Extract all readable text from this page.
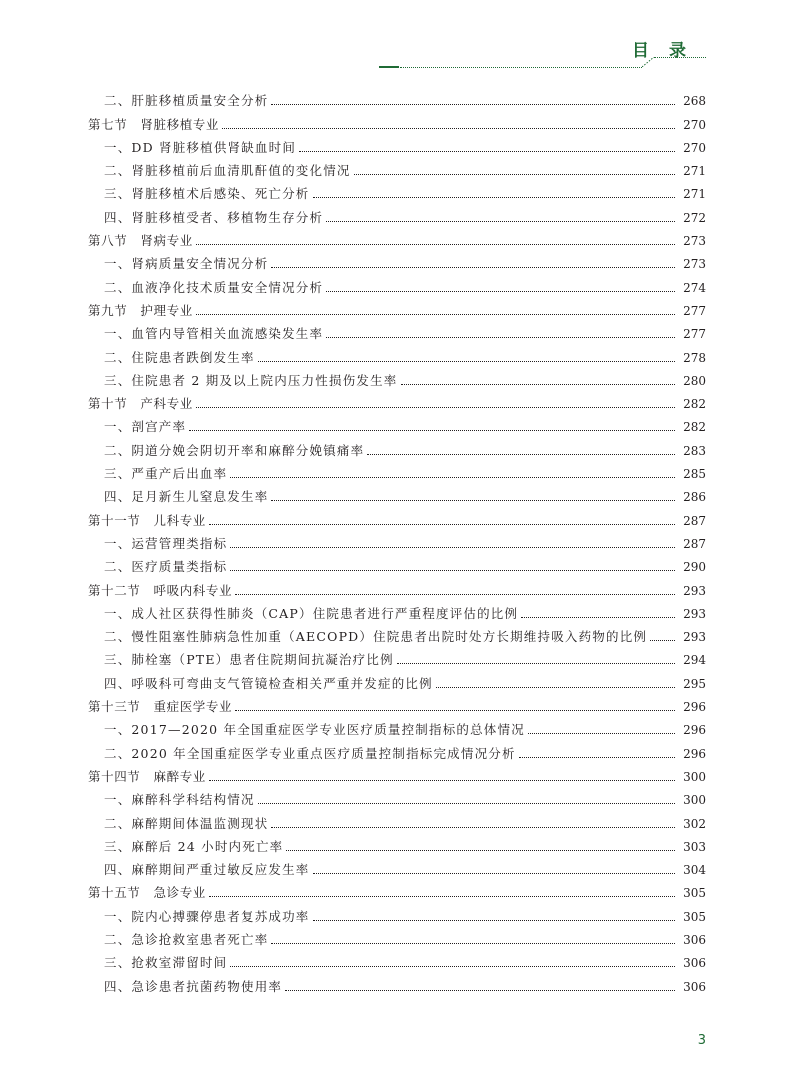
目录
二、肝脏移植质量安全分析	268
第七节　肾脏移植专业	270
一、DD 肾脏移植供肾缺血时间	270
二、肾脏移植前后血清肌酐值的变化情况	271
三、肾脏移植术后感染、死亡分析	271
四、肾脏移植受者、移植物生存分析	272
第八节　肾病专业	273
一、肾病质量安全情况分析	273
二、血液净化技术质量安全情况分析	274
第九节　护理专业	277
一、血管内导管相关血流感染发生率	277
二、住院患者跌倒发生率	278
三、住院患者 2 期及以上院内压力性损伤发生率	280
第十节　产科专业	282
一、剖宫产率	282
二、阴道分娩会阴切开率和麻醉分娩镇痛率	283
三、严重产后出血率	285
四、足月新生儿窒息发生率	286
第十一节　儿科专业	287
一、运营管理类指标	287
二、医疗质量类指标	290
第十二节　呼吸内科专业	293
一、成人社区获得性肺炎（CAP）住院患者进行严重程度评估的比例	293
二、慢性阻塞性肺病急性加重（AECOPD）住院患者出院时处方长期维持吸入药物的比例	293
三、肺栓塞（PTE）患者住院期间抗凝治疗比例	294
四、呼吸科可弯曲支气管镜检查相关严重并发症的比例	295
第十三节　重症医学专业	296
一、2017—2020 年全国重症医学专业医疗质量控制指标的总体情况	296
二、2020 年全国重症医学专业重点医疗质量控制指标完成情况分析	296
第十四节　麻醉专业	300
一、麻醉科学科结构情况	300
二、麻醉期间体温监测现状	302
三、麻醉后 24 小时内死亡率	303
四、麻醉期间严重过敏反应发生率	304
第十五节　急诊专业	305
一、院内心搏骤停患者复苏成功率	305
二、急诊抢救室患者死亡率	306
三、抢救室滞留时间	306
四、急诊患者抗菌药物使用率	306
3
